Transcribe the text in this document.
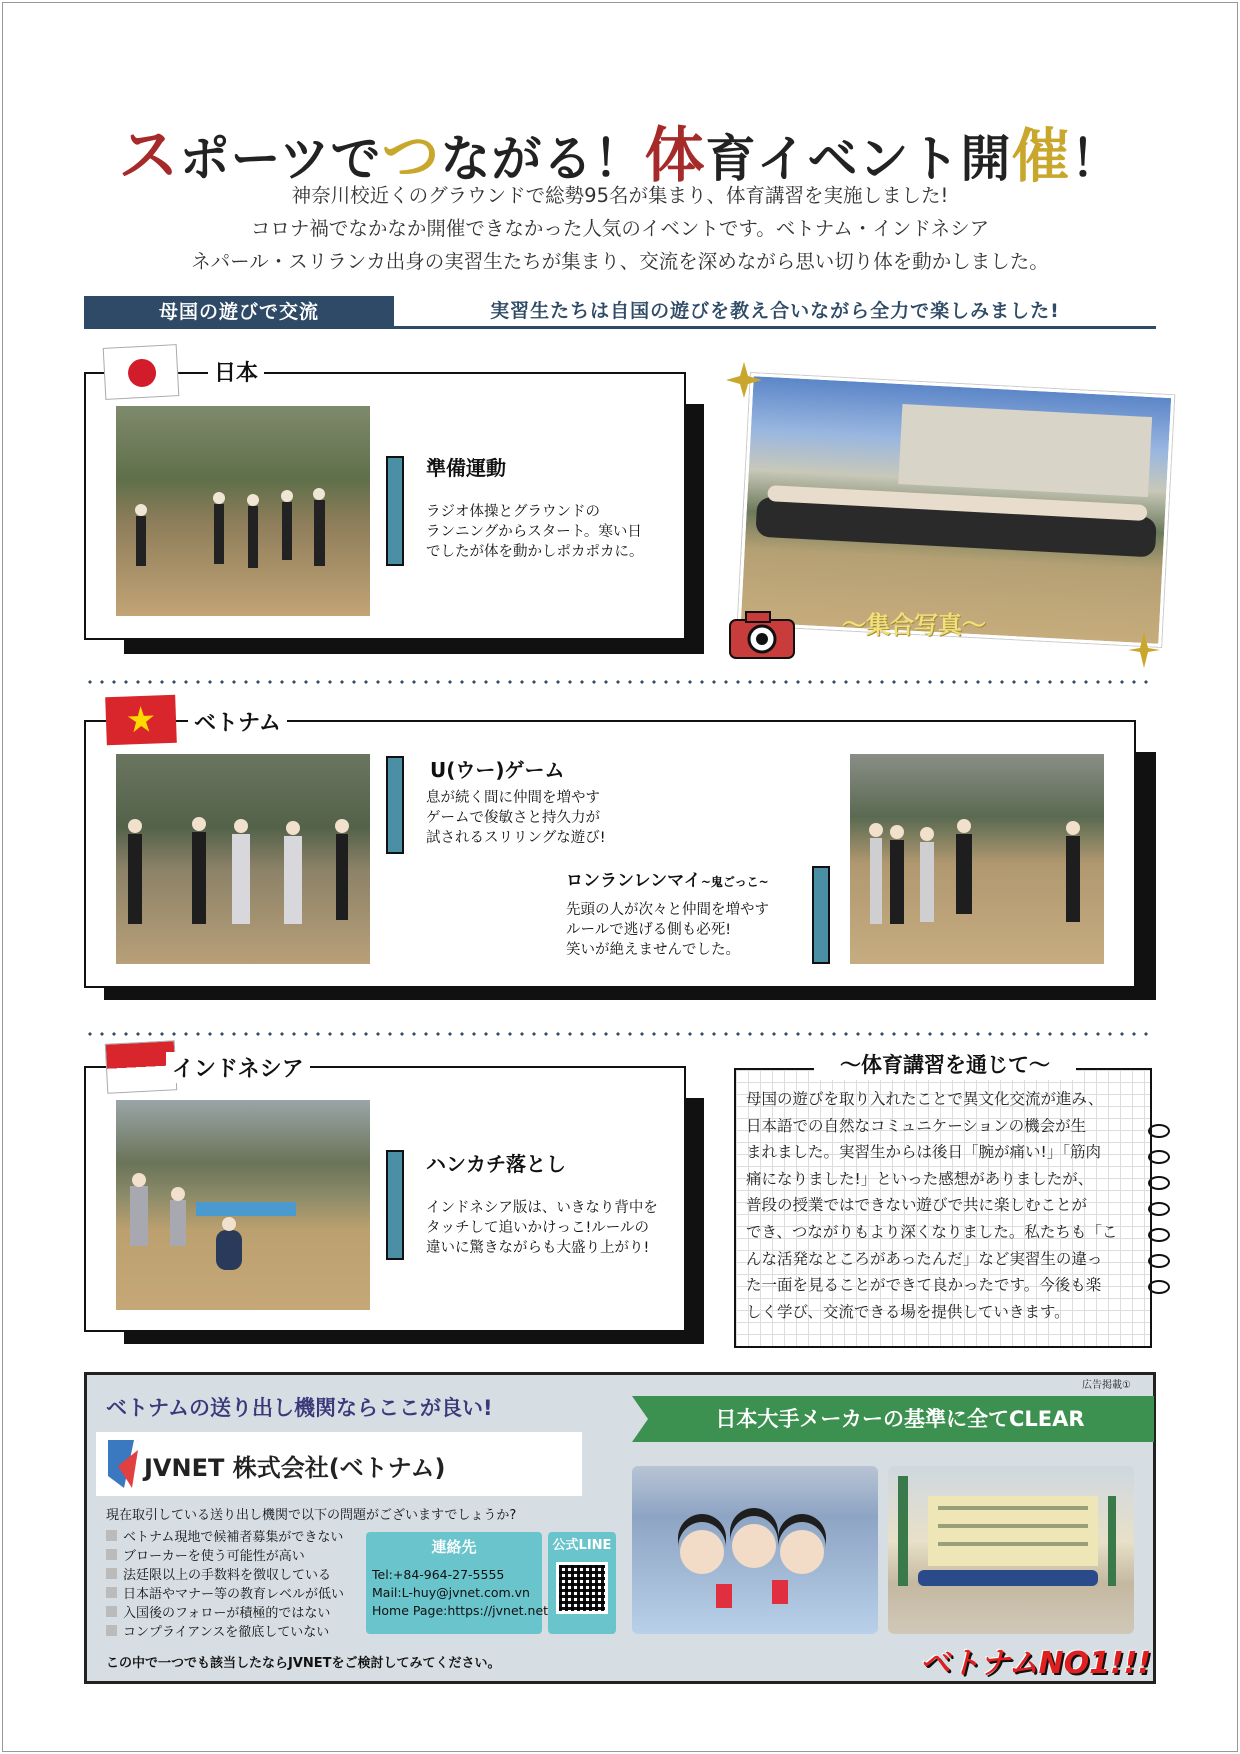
スポーツでつながる！体育イベント開催！
神奈川校近くのグラウンドで総勢95名が集まり、体育講習を実施しました!
コロナ禍でなかなか開催できなかった人気のイベントです。ベトナム・インドネシア
ネパール・スリランカ出身の実習生たちが集まり、交流を深めながら思い切り体を動かしました。
母国の遊びで交流	実習生たちは自国の遊びを教え合いながら全力で楽しみました!
日本
準備運動
ラジオ体操とグラウンドの
ランニングからスタート。寒い日
でしたが体を動かしポカポカに。
〜集合写真〜
ベトナム
U(ウー)ゲーム
息が続く間に仲間を増やす
ゲームで俊敏さと持久力が
試されるスリリングな遊び!
ロンランレンマイ~鬼ごっこ~
先頭の人が次々と仲間を増やす
ルールで逃げる側も必死!
笑いが絶えませんでした。
インドネシア
ハンカチ落とし
インドネシア版は、いきなり背中を
タッチして追いかけっこ!ルールの
違いに驚きながらも大盛り上がり!
〜体育講習を通じて〜
母国の遊びを取り入れたことで異文化交流が進み、
日本語での自然なコミュニケーションの機会が生
まれました。実習生からは後日「腕が痛い!」「筋肉
痛になりました!」といった感想がありましたが、
普段の授業ではできない遊びで共に楽しむことが
でき、つながりもより深くなりました。私たちも「こ
んな活発なところがあったんだ」など実習生の違っ
た一面を見ることができて良かったです。今後も楽
しく学び、交流できる場を提供していきます。
広告掲載①
ベトナムの送り出し機関ならここが良い!
JVNET 株式会社(ベトナム)
現在取引している送り出し機関で以下の問題がございますでしょうか?
ベトナム現地で候補者募集ができない
ブローカーを使う可能性が高い
法廷限以上の手数料を徴収している
日本語やマナー等の教育レベルが低い
入国後のフォローが積極的ではない
コンプライアンスを徹底していない
この中で一つでも該当したならJVNETをご検討してみてください。
連絡先
Tel:+84-964-27-5555
Mail:L-huy@jvnet.com.vn
Home Page:https://jvnet.net
公式LINE
日本大手メーカーの基準に全てCLEAR
ベトナムNO1!!!
